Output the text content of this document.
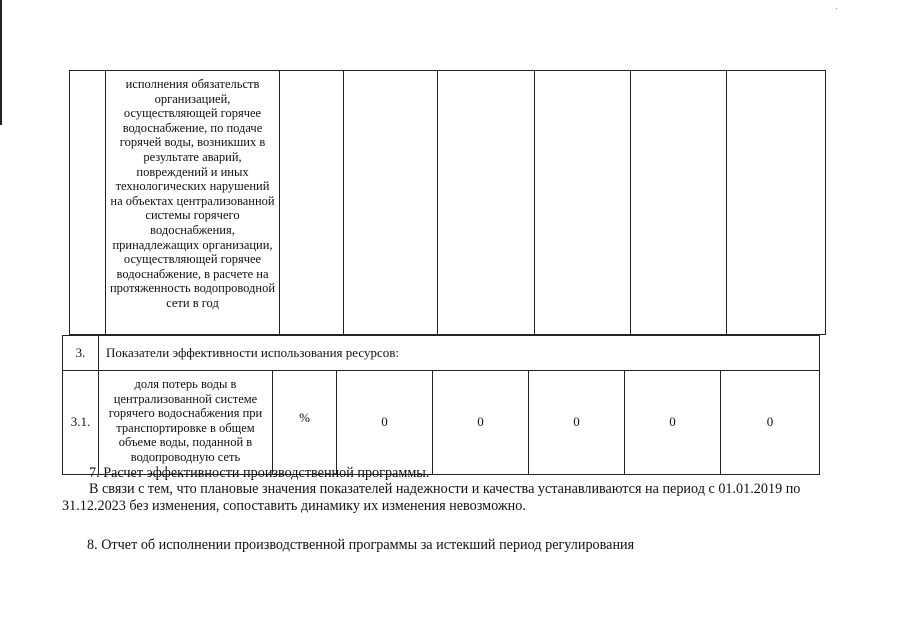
	исполнения обязательств организацией, осуществляющей горячее водоснабжение, по подаче горячей воды, возникших в результате аварий, повреждений и иных технологических нарушений на объектах централизованной системы горячего водоснабжения, принадлежащих организации, осуществляющей горячее водоснабжение, в расчете на протяженность водопроводной сети в год						
3.	Показатели эффективности использования ресурсов:						
3.1.	доля потерь воды в централизованной системе горячего водоснабжения при транспортировке в общем объеме воды, поданной в водопроводную сеть	%	0	0	0	0	0
7. Расчет эффективности производственной программы.
В связи с тем, что плановые значения показателей надежности и качества устанавливаются на период с 01.01.2019 по
31.12.2023 без изменения, сопоставить динамику их изменения невозможно.
8. Отчет об исполнении производственной программы за истекший период регулирования
